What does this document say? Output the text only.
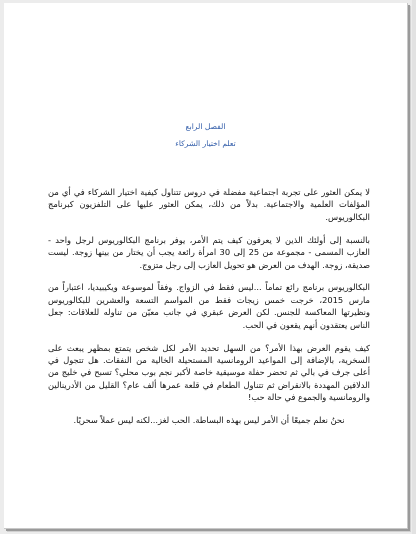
الفصل الرابع
تعلم اختيار الشركاء

لا يمكن العثور على تجربة اجتماعية مفضلة في دروس تتناول كيفية اختيار الشركاء في أي من المؤلفات العلمية والاجتماعية. بدلاً من ذلك، يمكن العثور عليها على التلفزيون كبرنامج البكالوريوس.

بالنسبة إلى أولئك الذين لا يعرفون كيف يتم الأمر، يوفر برنامج البكالوريوس لرجل واحد - العازب المسمى - مجموعة من 25 إلى 30 امرأة رائعة يجب أن يختار من بينها زوجة. ليست صديقة، زوجة. الهدف من العرض هو تحويل العازب إلى رجل متزوج.

البكالوريوس برنامج رائع تماماً ...ليس فقط في الزواج. وفقاً لموسوعة ويكيبيديا، اعتباراً من مارس 2015، خرجت خمس زيجات فقط من المواسم التسعة والعشرين للبكالوريوس ونظيرتها المعاكسة للجنس. لكن العرض عبقري في جانب معيّن من تناوله للعلاقات: جعل الناس يعتقدون أنهم يقعون في الحب.

كيف يقوم العرض بهذا الأمر؟ من السهل تحديد الأمر لكل شخص يتمتع بمظهر يبعث على السخرية، بالإضافة إلى المواعيد الرومانسية المستحيلة الخالية من النفقات. هل تتجول في أعلى جرف في بالي ثم تحضر حفلة موسيقية خاصة لأكبر نجم بوب محلي؟ تسبح في خليج من الدلافين المهددة بالانقراض ثم تتناول الطعام في قلعة عمرها ألف عام؟ القليل من الأدرينالين والرومانسية والجموع في حالة حب!

نحنُ نعلم جميعًا أن الأمر ليس بهذه البساطة. الحب لغز...لكنه ليس عملاً سحريًا.
